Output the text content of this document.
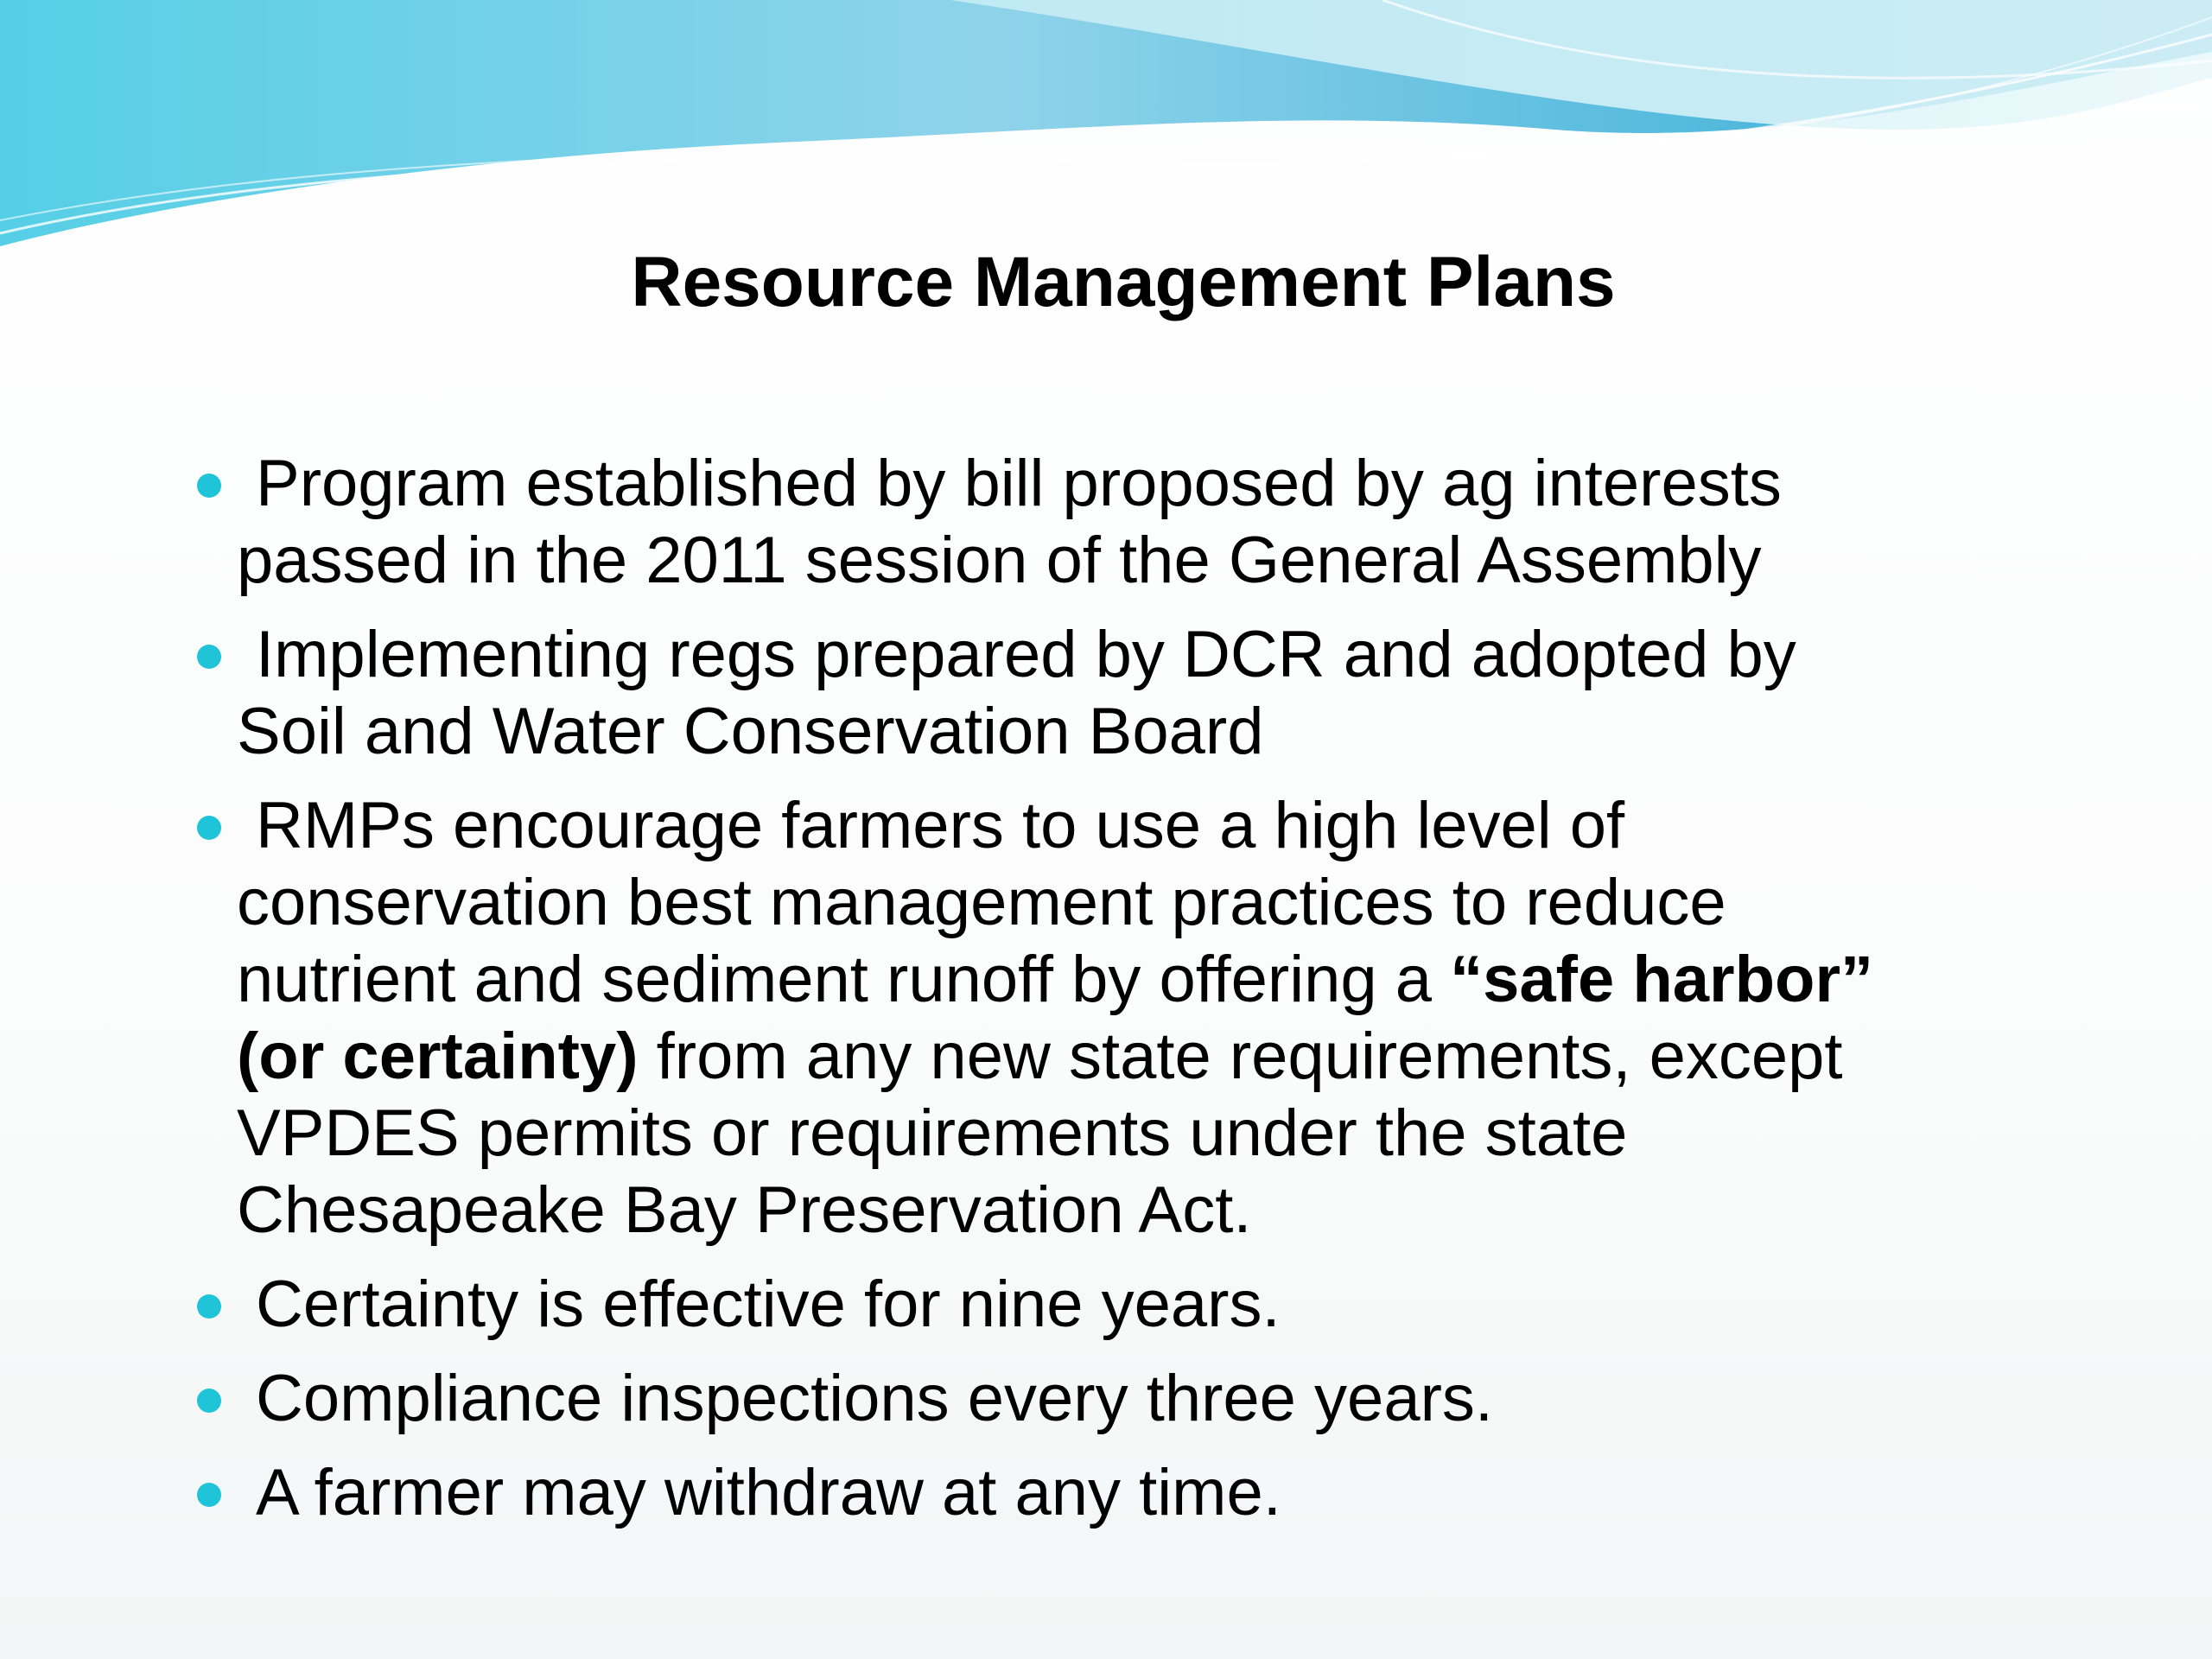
Resource Management Plans
Program established by bill proposed by ag interests
passed in the 2011 session of the General Assembly
Implementing regs prepared by DCR and adopted by
Soil and Water Conservation Board
RMPs encourage farmers to use a high level of
conservation best management practices to reduce
nutrient and sediment runoff by offering a “safe harbor”
(or certainty) from any new state requirements, except
VPDES permits or requirements under the state
Chesapeake Bay Preservation Act.
Certainty is effective for nine years.
Compliance inspections every three years.
A farmer may withdraw at any time.
